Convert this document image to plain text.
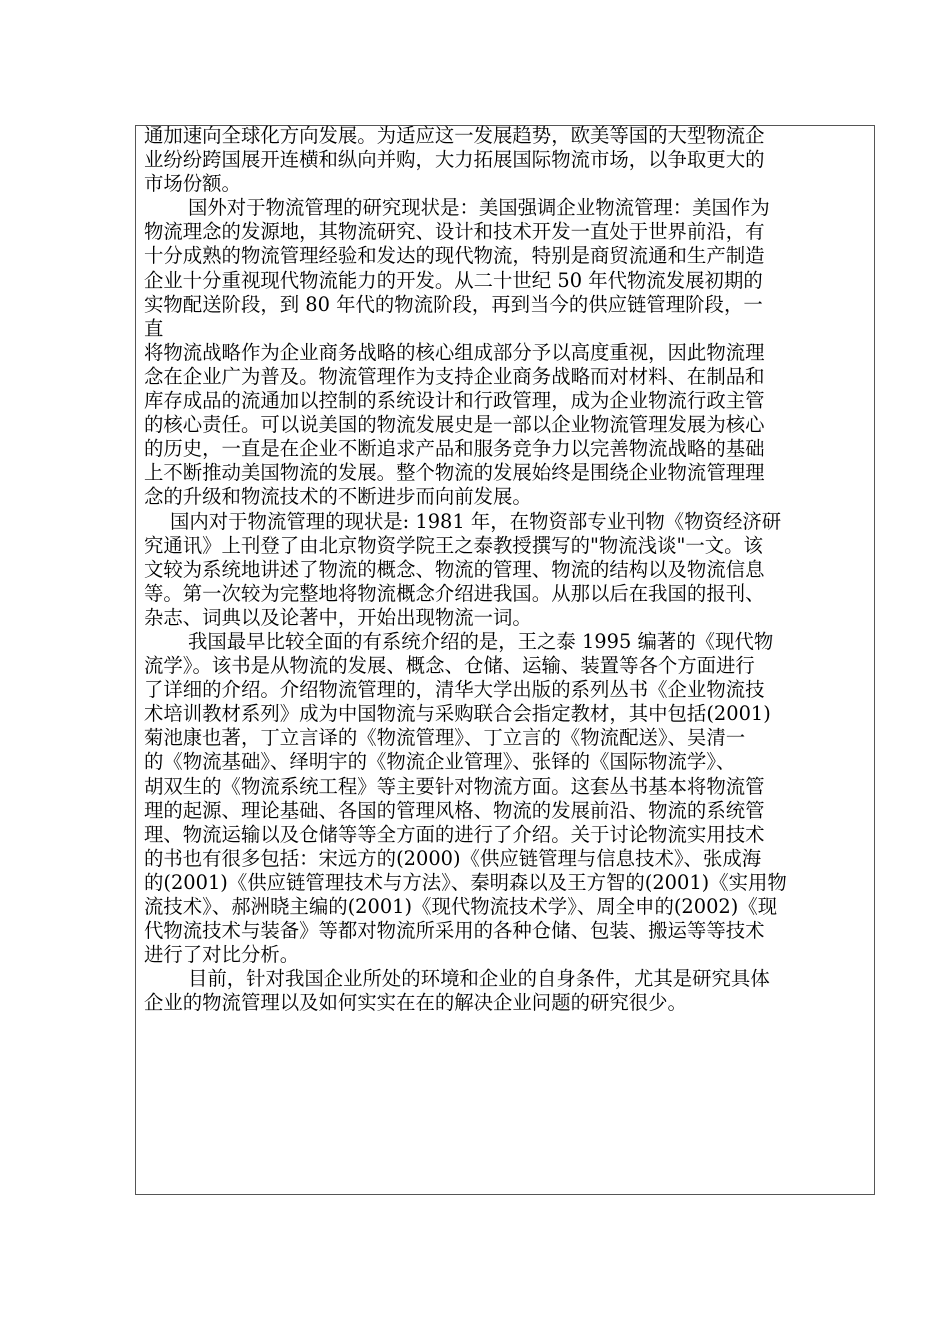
通加速向全球化方向发展。为适应这一发展趋势，欧美等国的大型物流企
业纷纷跨国展开连横和纵向并购，大力拓展国际物流市场，以争取更大的
市场份额。
国外对于物流管理的研究现状是：美国强调企业物流管理：美国作为
物流理念的发源地，其物流研究、设计和技术开发一直处于世界前沿，有
十分成熟的物流管理经验和发达的现代物流，特别是商贸流通和生产制造
企业十分重视现代物流能力的开发。从二十世纪 50 年代物流发展初期的
实物配送阶段，到 80 年代的物流阶段，再到当今的供应链管理阶段，一
直
将物流战略作为企业商务战略的核心组成部分予以高度重视，因此物流理
念在企业广为普及。物流管理作为支持企业商务战略而对材料、在制品和
库存成品的流通加以控制的系统设计和行政管理，成为企业物流行政主管
的核心责任。可以说美国的物流发展史是一部以企业物流管理发展为核心
的历史，一直是在企业不断追求产品和服务竞争力以完善物流战略的基础
上不断推动美国物流的发展。整个物流的发展始终是围绕企业物流管理理
念的升级和物流技术的不断进步而向前发展。
国内对于物流管理的现状是: 1981 年，在物资部专业刊物《物资经济研
究通讯》上刊登了由北京物资学院王之泰教授撰写的"物流浅谈"一文。该
文较为系统地讲述了物流的概念、物流的管理、物流的结构以及物流信息
等。第一次较为完整地将物流概念介绍进我国。从那以后在我国的报刊、
杂志、词典以及论著中，开始出现物流一词。
我国最早比较全面的有系统介绍的是，王之泰 1995 编著的《现代物
流学》。该书是从物流的发展、概念、仓储、运输、装置等各个方面进行
了详细的介绍。介绍物流管理的，清华大学出版的系列丛书《企业物流技
术培训教材系列》成为中国物流与采购联合会指定教材，其中包括(2001)
菊池康也著，丁立言译的《物流管理》、丁立言的《物流配送》、吴清一
的《物流基础》、绎明宇的《物流企业管理》、张铎的《国际物流学》、
胡双生的《物流系统工程》等主要针对物流方面。这套丛书基本将物流管
理的起源、理论基础、各国的管理风格、物流的发展前沿、物流的系统管
理、物流运输以及仓储等等全方面的进行了介绍。关于讨论物流实用技术
的书也有很多包括：宋远方的(2000)《供应链管理与信息技术》、张成海
的(2001)《供应链管理技术与方法》、秦明森以及王方智的(2001)《实用物
流技术》、郝洲晓主编的(2001)《现代物流技术学》、周全申的(2002)《现
代物流技术与装备》等都对物流所采用的各种仓储、包装、搬运等等技术
进行了对比分析。
目前，针对我国企业所处的环境和企业的自身条件，尤其是研究具体
企业的物流管理以及如何实实在在的解决企业问题的研究很少。
